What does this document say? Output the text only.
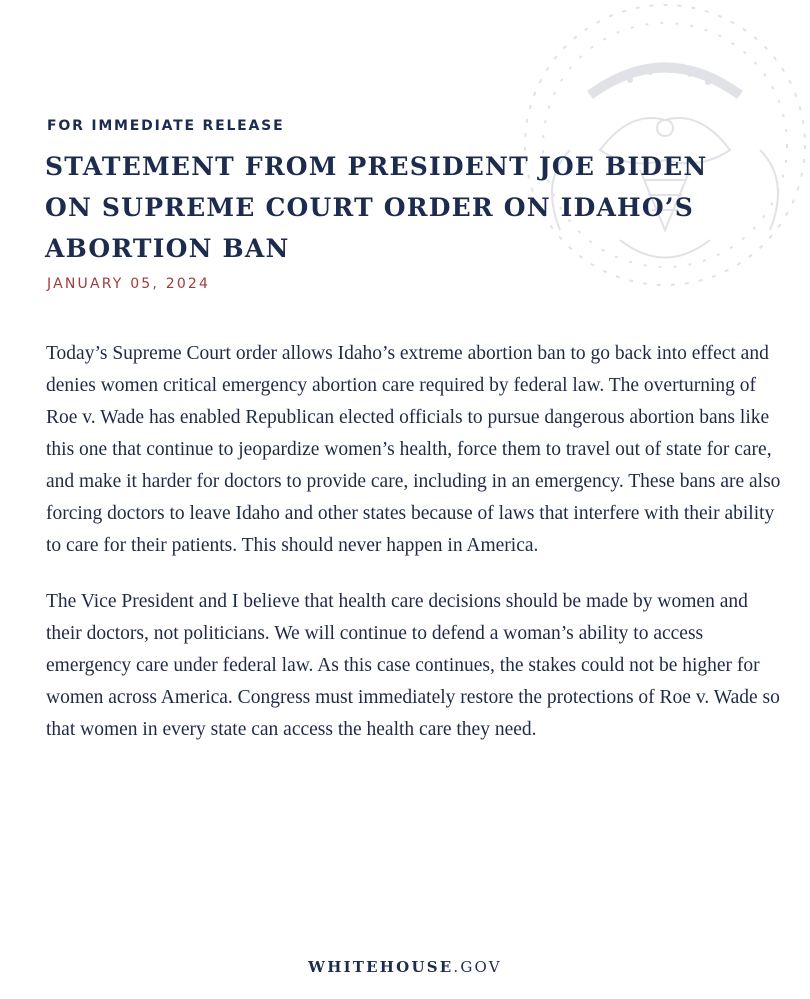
FOR IMMEDIATE RELEASE
STATEMENT FROM PRESIDENT JOE BIDEN
ON SUPREME COURT ORDER ON IDAHO’S
ABORTION BAN
JANUARY 05, 2024

Today’s Supreme Court order allows Idaho’s extreme abortion ban to go back into effect and denies women critical emergency abortion care required by federal law. The overturning of Roe v. Wade has enabled Republican elected officials to pursue dangerous abortion bans like this one that continue to jeopardize women’s health, force them to travel out of state for care, and make it harder for doctors to provide care, including in an emergency. These bans are also forcing doctors to leave Idaho and other states because of laws that interfere with their ability to care for their patients. This should never happen in America.

The Vice President and I believe that health care decisions should be made by women and their doctors, not politicians. We will continue to defend a woman’s ability to access emergency care under federal law. As this case continues, the stakes could not be higher for women across America. Congress must immediately restore the protections of Roe v. Wade so that women in every state can access the health care they need.

WHITEHOUSE.GOV
